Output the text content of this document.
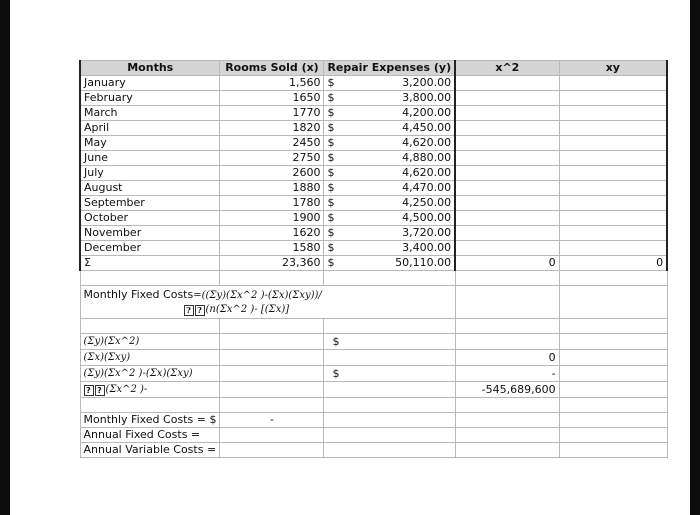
Months	Rooms Sold (x)	Repair Expenses (y)		x^2	xy
January	1,560	$	3,200.00		
February	1650	$	3,800.00		
March	1770	$	4,200.00		
April	1820	$	4,450.00		
May	2450	$	4,620.00		
June	2750	$	4,880.00		
July	2600	$	4,620.00		
August	1880	$	4,470.00		
September	1780	$	4,250.00		
October	1900	$	4,500.00		
November	1620	$	3,720.00		
December	1580	$	3,400.00		
Σ	23,360	$	50,110.00	0	0

Monthly Fixed Costs=((Σy)(Σx^2 )-(Σx)(Σxy))/
? ? (n(Σx^2 )- [(Σx)]					

(Σy)(Σx^2)		$			
(Σx)(Σxy)				0	
(Σy)(Σx^2 )-(Σx)(Σxy)		$		-	
? ? (Σx^2 )-				-545,689,600	

Monthly Fixed Costs = $	-				
Annual Fixed Costs =					
Annual Variable Costs =					
